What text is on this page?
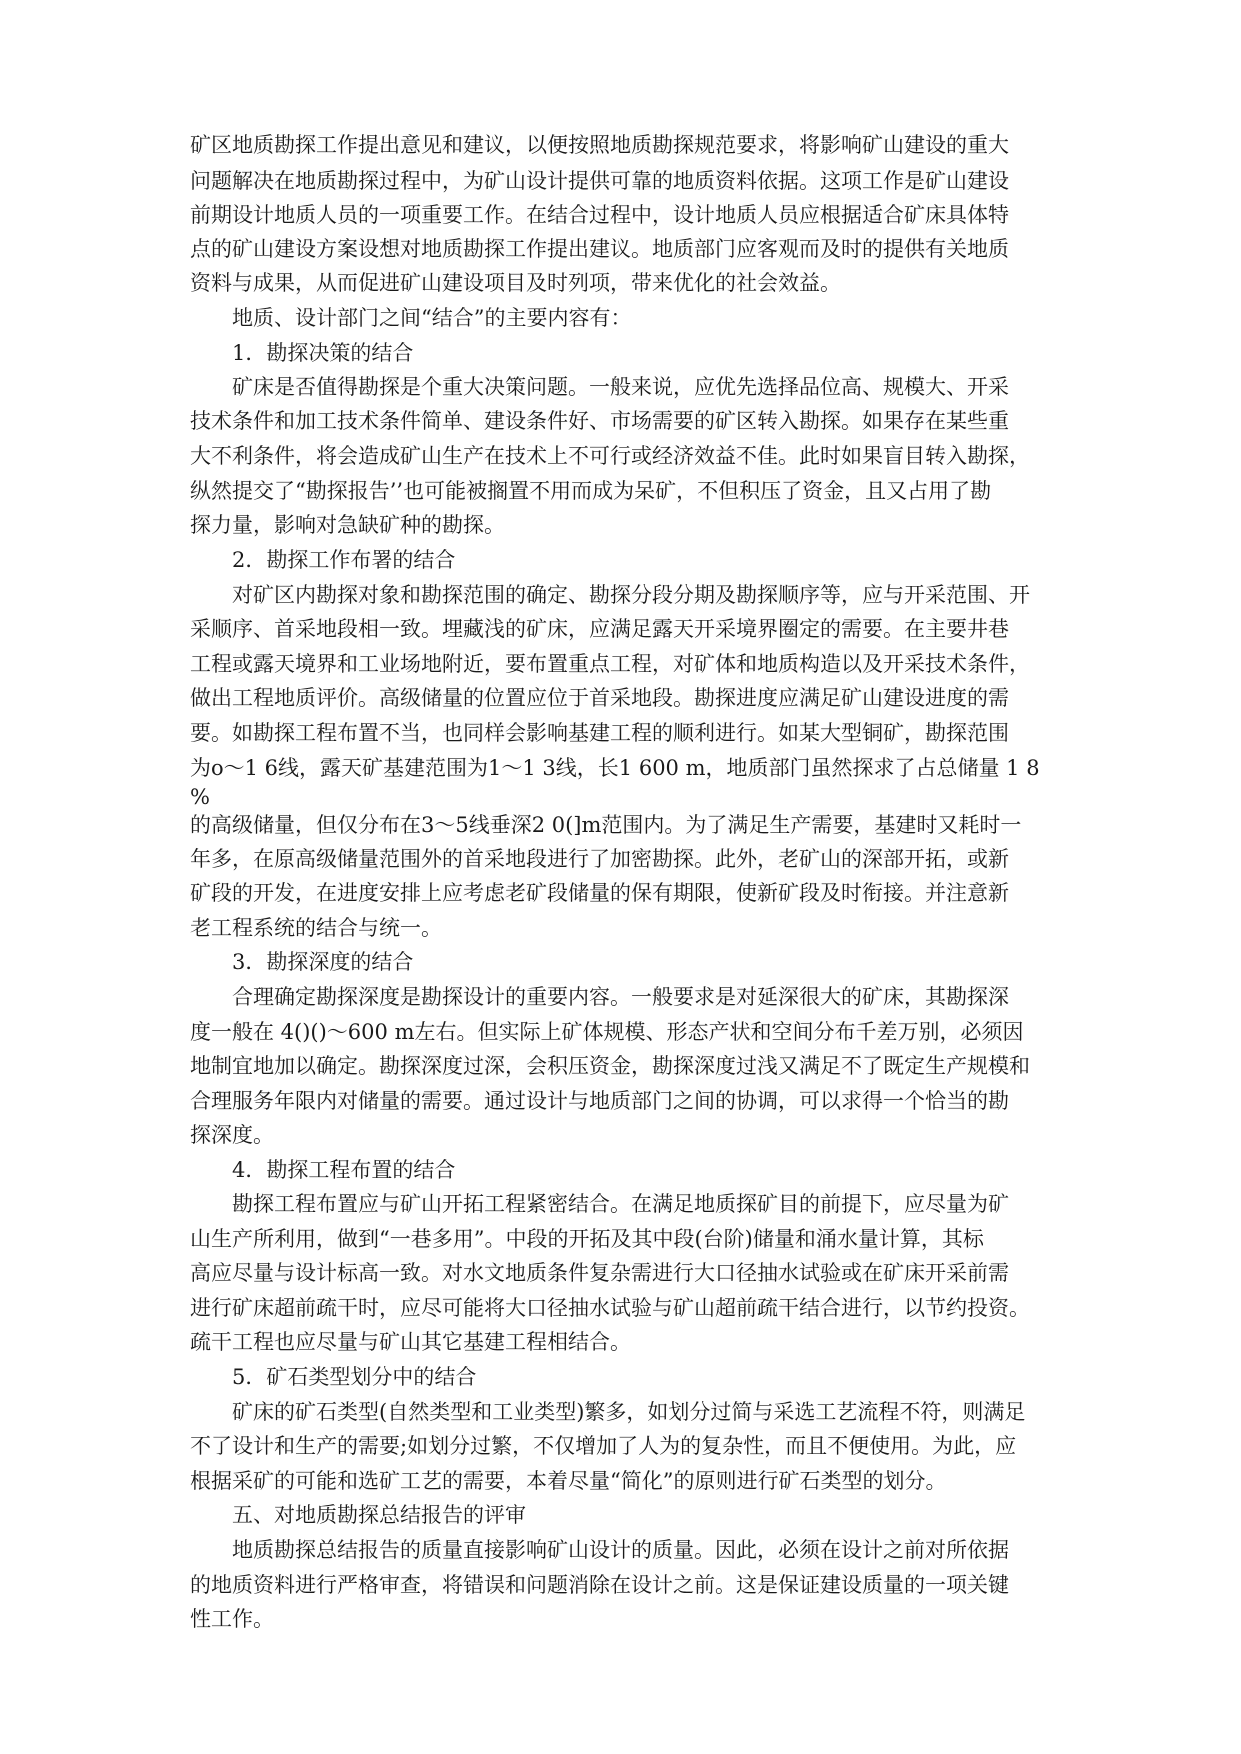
矿区地质勘探工作提出意见和建议，以便按照地质勘探规范要求，将影响矿山建设的重大
问题解决在地质勘探过程中，为矿山设计提供可靠的地质资料依据。这项工作是矿山建设
前期设计地质人员的一项重要工作。在结合过程中，设计地质人员应根据适合矿床具体特
点的矿山建设方案设想对地质勘探工作提出建议。地质部门应客观而及时的提供有关地质
资料与成果，从而促进矿山建设项目及时列项，带来优化的社会效益。
地质、设计部门之间“结合”的主要内容有：
1．勘探决策的结合
矿床是否值得勘探是个重大决策问题。一般来说，应优先选择品位高、规模大、开采
技术条件和加工技术条件简单、建设条件好、市场需要的矿区转入勘探。如果存在某些重
大不利条件，将会造成矿山生产在技术上不可行或经济效益不佳。此时如果盲目转入勘探，
纵然提交了“勘探报告’’也可能被搁置不用而成为呆矿，不但积压了资金，且又占用了勘
探力量，影响对急缺矿种的勘探。
2．勘探工作布署的结合
对矿区内勘探对象和勘探范围的确定、勘探分段分期及勘探顺序等，应与开采范围、开
采顺序、首采地段相一致。埋藏浅的矿床，应满足露天开采境界圈定的需要。在主要井巷
工程或露天境界和工业场地附近，要布置重点工程，对矿体和地质构造以及开采技术条件，
做出工程地质评价。高级储量的位置应位于首采地段。勘探进度应满足矿山建设进度的需
要。如勘探工程布置不当，也同样会影响基建工程的顺利进行。如某大型铜矿，勘探范围
为o～1 6线，露天矿基建范围为1～1 3线，长1 600 m，地质部门虽然探求了占总储量 1 8
%
的高级储量，但仅分布在3～5线垂深2 0(]m范围内。为了满足生产需要，基建时又耗时一
年多，在原高级储量范围外的首采地段进行了加密勘探。此外，老矿山的深部开拓，或新
矿段的开发，在进度安排上应考虑老矿段储量的保有期限，使新矿段及时衔接。并注意新
老工程系统的结合与统一。
3．勘探深度的结合
合理确定勘探深度是勘探设计的重要内容。一般要求是对延深很大的矿床，其勘探深
度一般在 4()()～600 m左右。但实际上矿体规模、形态产状和空间分布千差万别，必须因
地制宜地加以确定。勘探深度过深，会积压资金，勘探深度过浅又满足不了既定生产规模和
合理服务年限内对储量的需要。通过设计与地质部门之间的协调，可以求得一个恰当的勘
探深度。
4．勘探工程布置的结合
勘探工程布置应与矿山开拓工程紧密结合。在满足地质探矿目的前提下，应尽量为矿
山生产所利用，做到“一巷多用”。中段的开拓及其中段(台阶)储量和涌水量计算，其标
高应尽量与设计标高一致。对水文地质条件复杂需进行大口径抽水试验或在矿床开采前需
进行矿床超前疏干时，应尽可能将大口径抽水试验与矿山超前疏干结合进行，以节约投资。
疏干工程也应尽量与矿山其它基建工程相结合。
5．矿石类型划分中的结合
矿床的矿石类型(自然类型和工业类型)繁多，如划分过简与采选工艺流程不符，则满足
不了设计和生产的需要;如划分过繁，不仅增加了人为的复杂性，而且不便使用。为此，应
根据采矿的可能和选矿工艺的需要，本着尽量“简化”的原则进行矿石类型的划分。
五、对地质勘探总结报告的评审
地质勘探总结报告的质量直接影响矿山设计的质量。因此，必须在设计之前对所依据
的地质资料进行严格审查，将错误和问题消除在设计之前。这是保证建设质量的一项关键
性工作。
